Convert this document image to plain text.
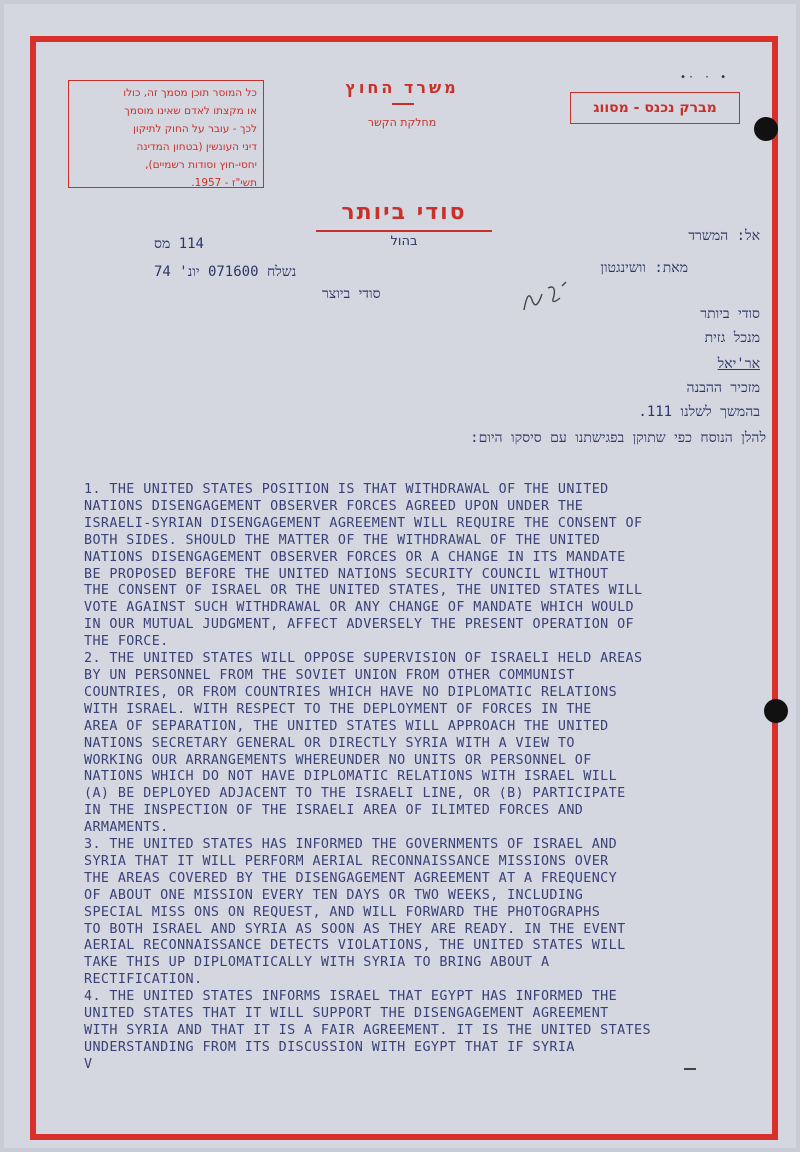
כל המוסר תוכן מסמך זה, כולו
או מקצתו לאדם שאינו מוסמך
לכך - עובר על החוק לתיקון
דיני העונשין (בטחון המדינה
יחסי-חוץ וסודות רשמיים),
תשי"ז - 1957.
משרד החוץ
מחלקת הקשר
•· · •
מברק נכנס - מסווג
סודי ביותר
בהול	אל: המשרד
מאת: וושינגטון
114 מס
נשלח 071600 יונ' 74
סודי ביוצר
סודי ביותר
מנכל גזית
אר'יאל
מזכיר ההבנה
בהמשך לשלנו 111.
להלן הנוסח כפי שתוקן בפגישתנו עם סיסקו היום:
1. THE UNITED STATES POSITION IS THAT WITHDRAWAL OF THE UNITED
NATIONS DISENGAGEMENT OBSERVER FORCES AGREED UPON UNDER THE
ISRAELI-SYRIAN DISENGAGEMENT AGREEMENT WILL REQUIRE THE CONSENT OF
BOTH SIDES. SHOULD THE MATTER OF THE WITHDRAWAL OF THE UNITED
NATIONS DISENGAGEMENT OBSERVER FORCES OR A CHANGE IN ITS MANDATE
BE PROPOSED BEFORE THE UNITED NATIONS SECURITY COUNCIL WITHOUT
THE CONSENT OF ISRAEL OR THE UNITED STATES, THE UNITED STATES WILL
VOTE AGAINST SUCH WITHDRAWAL OR ANY CHANGE OF MANDATE WHICH WOULD
IN OUR MUTUAL JUDGMENT, AFFECT ADVERSELY THE PRESENT OPERATION OF
THE FORCE.
2. THE UNITED STATES WILL OPPOSE SUPERVISION OF ISRAELI HELD AREAS
BY UN PERSONNEL FROM THE SOVIET UNION FROM OTHER COMMUNIST
COUNTRIES, OR FROM COUNTRIES WHICH HAVE NO DIPLOMATIC RELATIONS
WITH ISRAEL. WITH RESPECT TO THE DEPLOYMENT OF FORCES IN THE
AREA OF SEPARATION, THE UNITED STATES WILL APPROACH THE UNITED
NATIONS SECRETARY GENERAL OR DIRECTLY SYRIA WITH A VIEW TO
WORKING OUR ARRANGEMENTS WHEREUNDER NO UNITS OR PERSONNEL OF
NATIONS WHICH DO NOT HAVE DIPLOMATIC RELATIONS WITH ISRAEL WILL
(A) BE DEPLOYED ADJACENT TO THE ISRAELI LINE, OR (B) PARTICIPATE
IN THE INSPECTION OF THE ISRAELI AREA OF ILIMTED FORCES AND
ARMAMENTS.
3. THE UNITED STATES HAS INFORMED THE GOVERNMENTS OF ISRAEL AND
SYRIA THAT IT WILL PERFORM AERIAL RECONNAISSANCE MISSIONS OVER
THE AREAS COVERED BY THE DISENGAGEMENT AGREEMENT AT A FREQUENCY
OF ABOUT ONE MISSION EVERY TEN DAYS OR TWO WEEKS, INCLUDING
SPECIAL MISS ONS ON REQUEST, AND WILL FORWARD THE PHOTOGRAPHS
TO BOTH ISRAEL AND SYRIA AS SOON AS THEY ARE READY. IN THE EVENT
AERIAL RECONNAISSANCE DETECTS VIOLATIONS, THE UNITED STATES WILL
TAKE THIS UP DIPLOMATICALLY WITH SYRIA TO BRING ABOUT A
RECTIFICATION.
4. THE UNITED STATES INFORMS ISRAEL THAT EGYPT HAS INFORMED THE
UNITED STATES THAT IT WILL SUPPORT THE DISENGAGEMENT AGREEMENT
WITH SYRIA AND THAT IT IS A FAIR AGREEMENT. IT IS THE UNITED STATES
UNDERSTANDING FROM ITS DISCUSSION WITH EGYPT THAT IF SYRIA
V
